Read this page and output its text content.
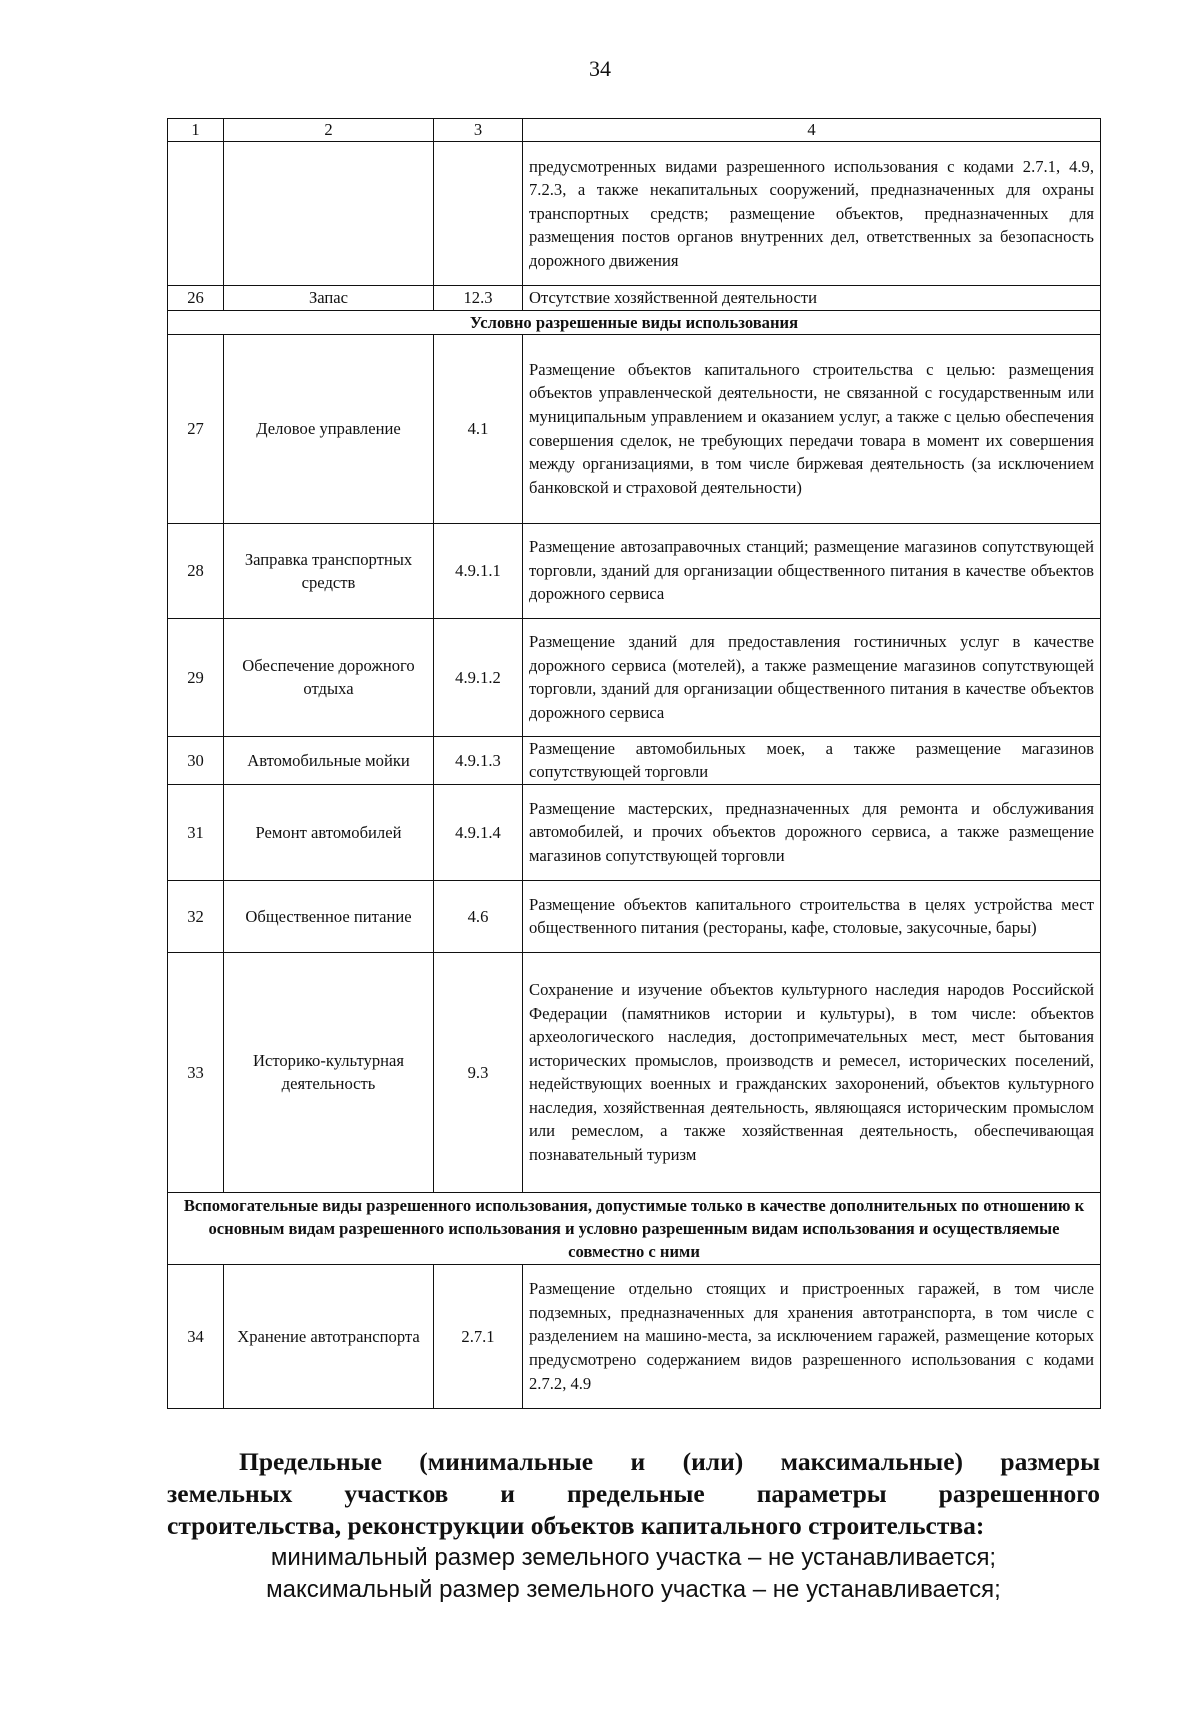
34
1	2	3	4
			предусмотренных видами разрешенного использования с кодами 2.7.1, 4.9, 7.2.3, а также некапитальных сооружений, предназначенных для охраны транспортных средств; размещение объектов, предназначенных для размещения постов органов внутренних дел, ответственных за безопасность дорожного движения
26	Запас	12.3	Отсутствие хозяйственной деятельности
Условно разрешенные виды использования			
27	Деловое управление	4.1	Размещение объектов капитального строительства с целью: размещения объектов управленческой деятельности, не связанной с государственным или муниципальным управлением и оказанием услуг, а также с целью обеспечения совершения сделок, не требующих передачи товара в момент их совершения между организациями, в том числе биржевая деятельность (за исключением банковской и страховой деятельности)
28	Заправка транспортных средств	4.9.1.1	Размещение автозаправочных станций; размещение магазинов сопутствующей торговли, зданий для организации общественного питания в качестве объектов дорожного сервиса
29	Обеспечение дорожного отдыха	4.9.1.2	Размещение зданий для предоставления гостиничных услуг в качестве дорожного сервиса (мотелей), а также размещение магазинов сопутствующей торговли, зданий для организации общественного питания в качестве объектов дорожного сервиса
30	Автомобильные мойки	4.9.1.3	Размещение автомобильных моек, а также размещение магазинов сопутствующей торговли
31	Ремонт автомобилей	4.9.1.4	Размещение мастерских, предназначенных для ремонта и обслуживания автомобилей, и прочих объектов дорожного сервиса, а также размещение магазинов сопутствующей торговли
32	Общественное питание	4.6	Размещение объектов капитального строительства в целях устройства мест общественного питания (рестораны, кафе, столовые, закусочные, бары)
33	Историко-культурная деятельность	9.3	Сохранение и изучение объектов культурного наследия народов Российской Федерации (памятников истории и культуры), в том числе: объектов археологического наследия, достопримечательных мест, мест бытования исторических промыслов, производств и ремесел, исторических поселений, недействующих военных и гражданских захоронений, объектов культурного наследия, хозяйственная деятельность, являющаяся историческим промыслом или ремеслом, а также хозяйственная деятельность, обеспечивающая познавательный туризм
Вспомогательные виды разрешенного использования, допустимые только в качестве дополнительных по отношению к основным видам разрешенного использования и условно разрешенным видам использования и осуществляемые совместно с ними			
34	Хранение автотранспорта	2.7.1	Размещение отдельно стоящих и пристроенных гаражей, в том числе подземных, предназначенных для хранения автотранспорта, в том числе с разделением на машино-места, за исключением гаражей, размещение которых предусмотрено содержанием видов разрешенного использования с кодами 2.7.2, 4.9
Предельные (минимальные и (или) максимальные) размеры
земельных участков и предельные параметры разрешенного
строительства, реконструкции объектов капитального строительства:
минимальный размер земельного участка – не устанавливается;
максимальный размер земельного участка – не устанавливается;
